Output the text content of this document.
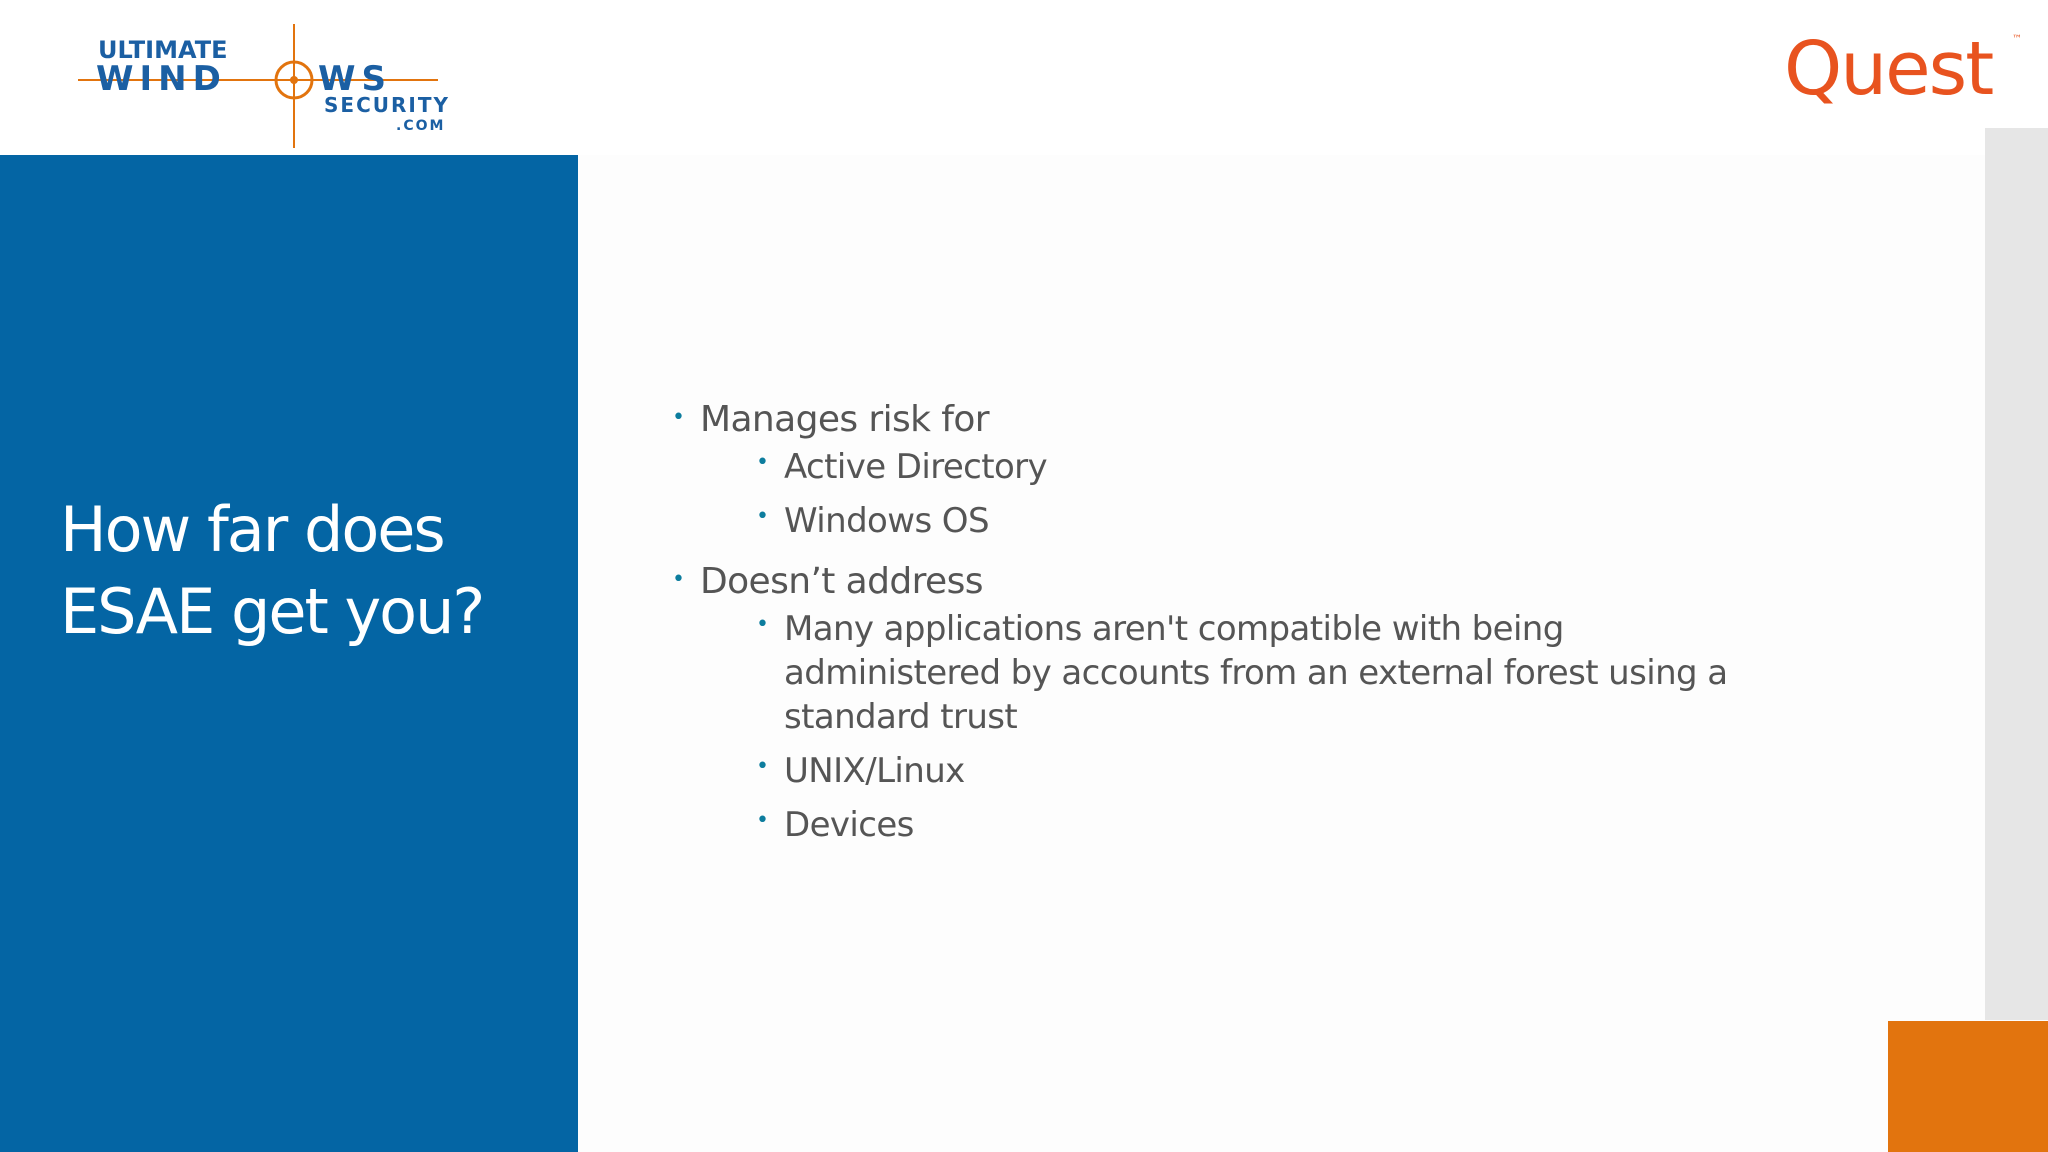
ULTIMATE
WIND	WS
SECURITY
.COM
Quest ™
How far does
ESAE get you?
• Manages risk for
• Active Directory
• Windows OS
• Doesn’t address
• Many applications aren't compatible with being administered by accounts from an external forest using a standard trust
• UNIX/Linux
• Devices
